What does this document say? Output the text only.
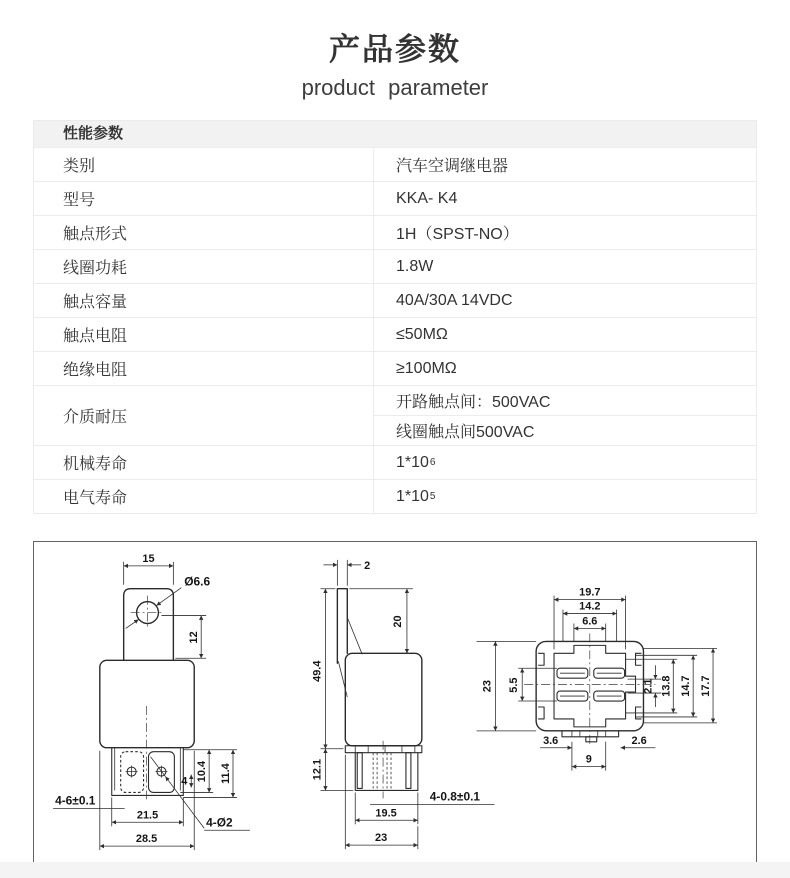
产品参数
product parameter
性能参数
类别	汽车空调继电器
型号	KKA- K4
触点形式	1H（SPST-NO）
线圈功耗	1.8W
触点容量	40A/30A 14VDC
触点电阻	≤50MΩ
绝缘电阻	≥100MΩ
介质耐压
开路触点间：500VAC
线圈触点间500VAC
机械寿命	1*10 6
电气寿命	1*10 5
15
Ø6.6
12
4-6±0.1
21.5
28.5
4-Ø2
4 10.4 11.4
2
20
49.4
12.1
4-0.8±0.1
19.5
23
6.6
14.2
19.7
23 5.5	2.1 13.8 14.7 17.7
3.6	2.6
9
